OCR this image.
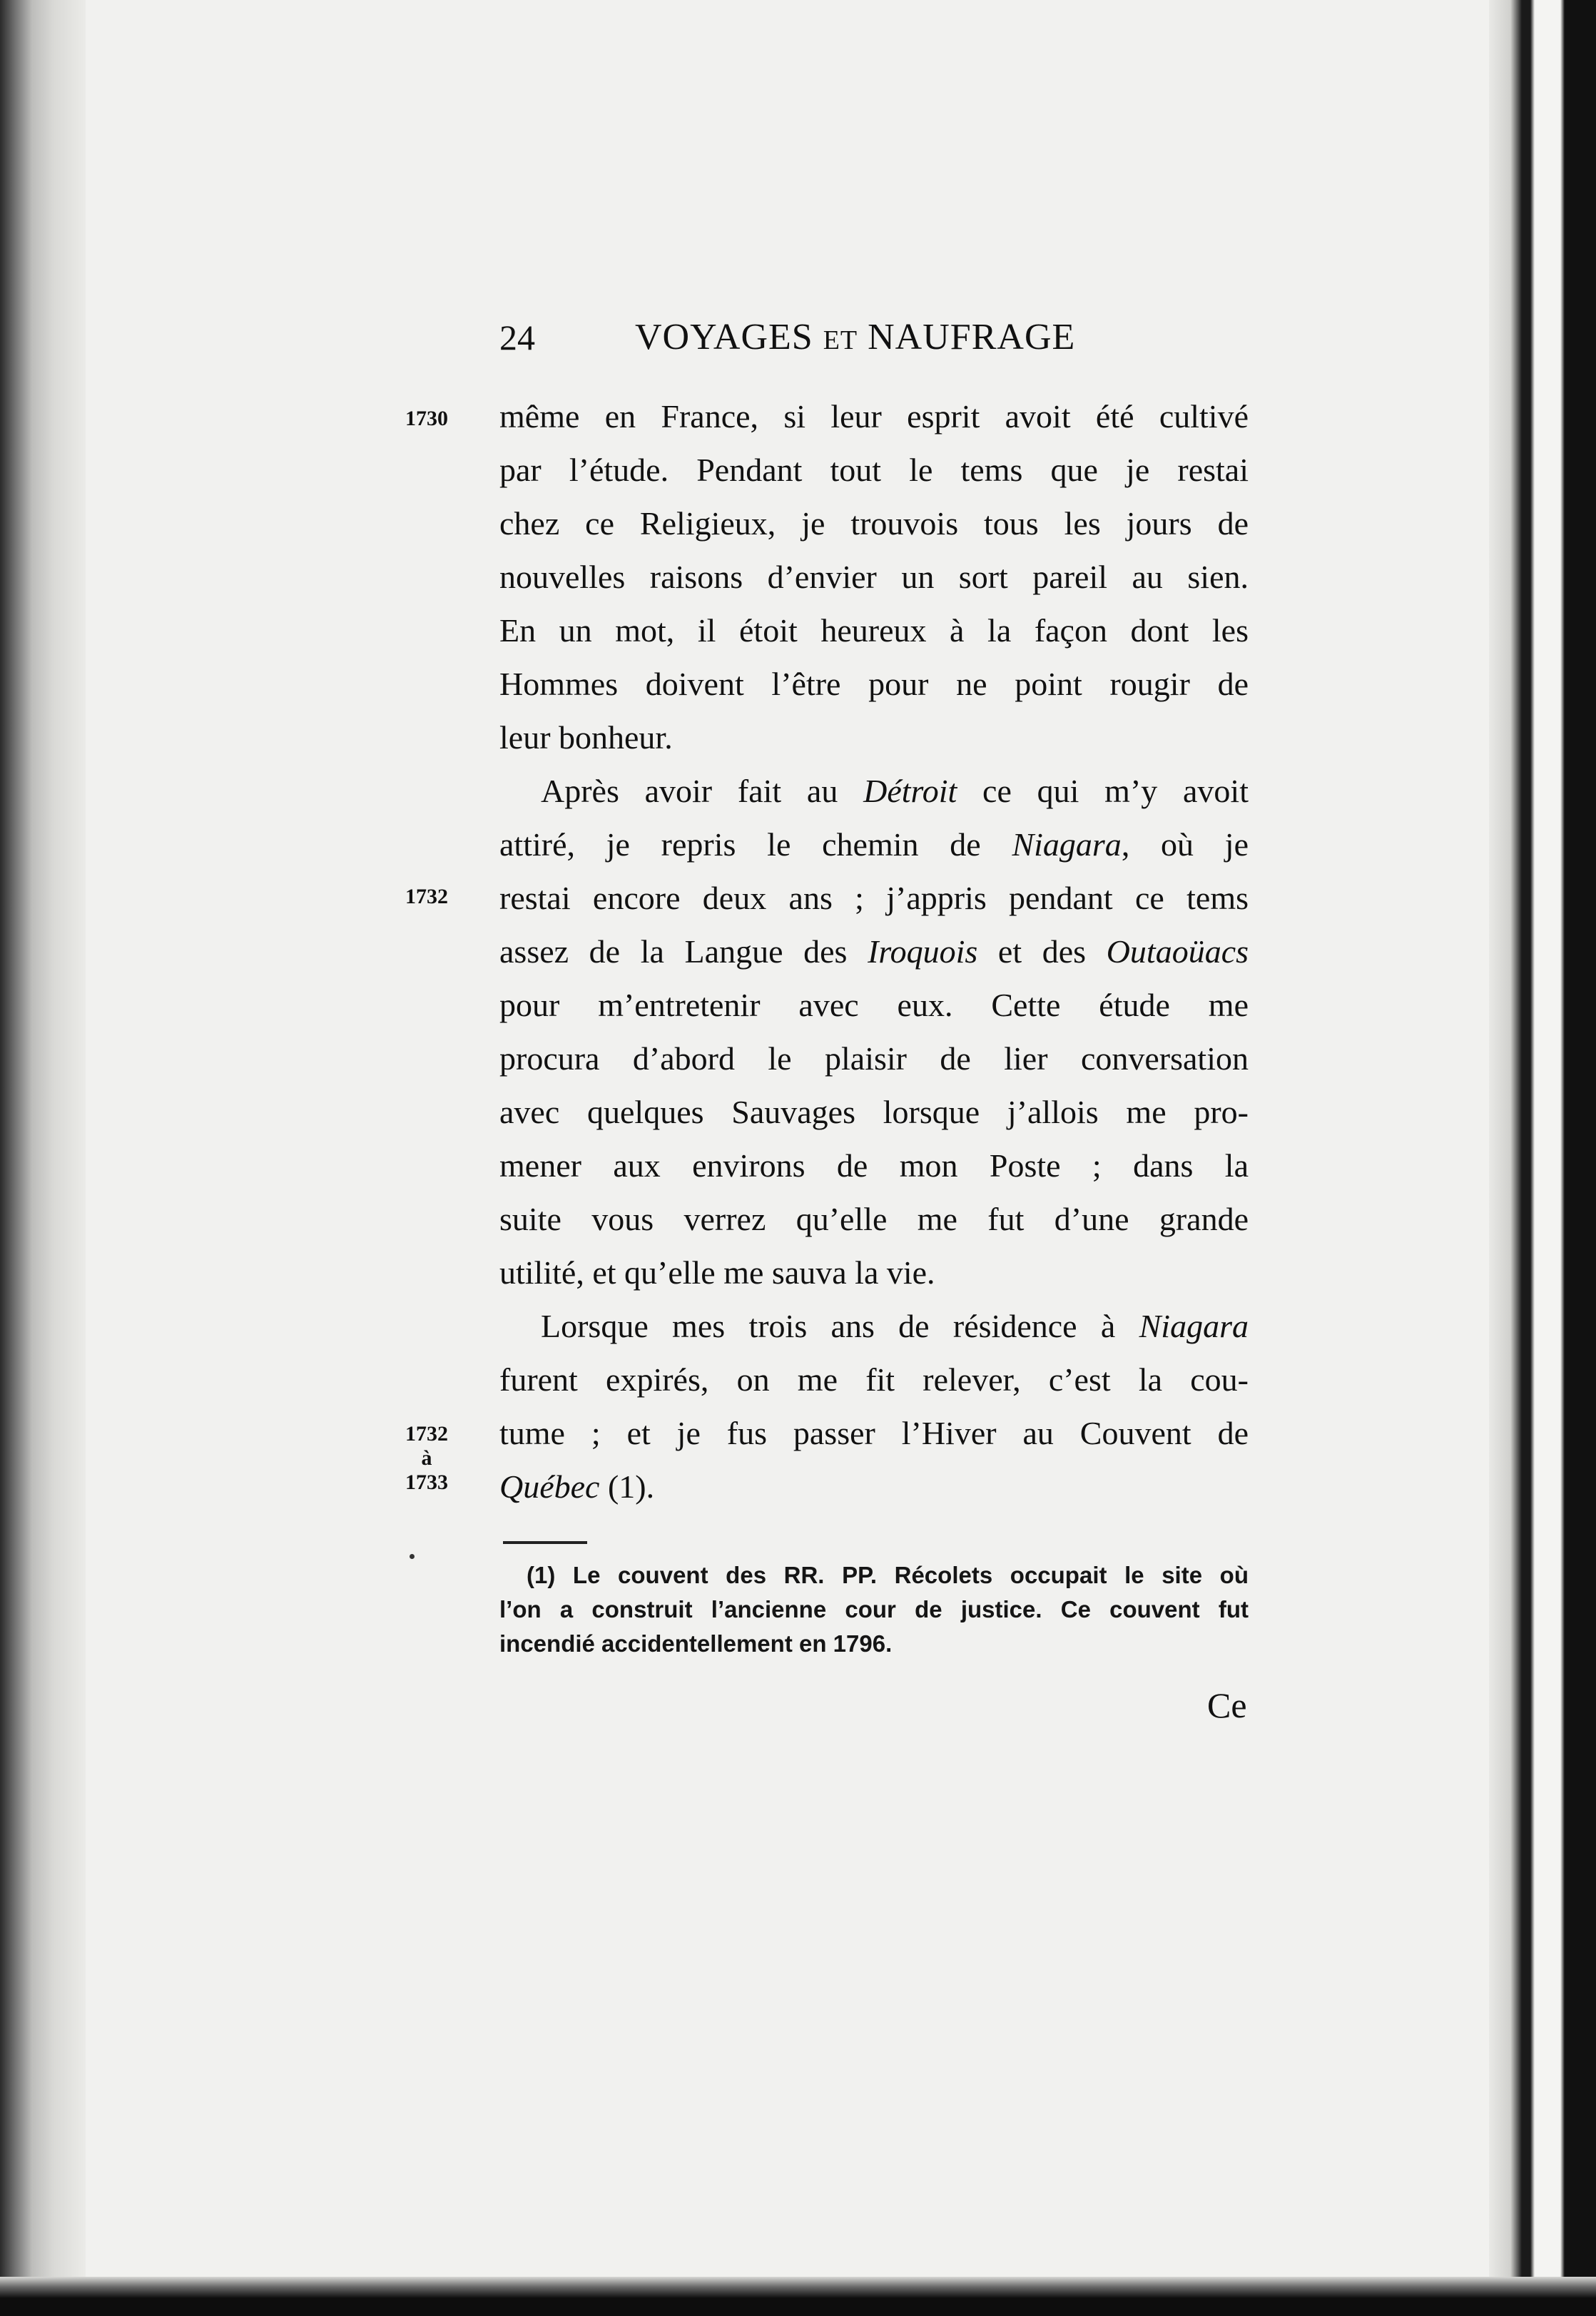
24	VOYAGES ET NAUFRAGE
1730
1732
1732
à
1733
même en France, si leur esprit avoit été cultivé
par l’étude. Pendant tout le tems que je restai
chez ce Religieux, je trouvois tous les jours de
nouvelles raisons d’envier un sort pareil au sien.
En un mot, il étoit heureux à la façon dont les
Hommes doivent l’être pour ne point rougir de
leur bonheur.
Après avoir fait au Détroit ce qui m’y avoit
attiré, je repris le chemin de Niagara, où je
restai encore deux ans ; j’appris pendant ce tems
assez de la Langue des Iroquois et des Outaoüacs
pour m’entretenir avec eux. Cette étude me
procura d’abord le plaisir de lier conversation
avec quelques Sauvages lorsque j’allois me pro-
mener aux environs de mon Poste ; dans la
suite vous verrez qu’elle me fut d’une grande
utilité, et qu’elle me sauva la vie.
Lorsque mes trois ans de résidence à Niagara
furent expirés, on me fit relever, c’est la cou-
tume ; et je fus passer l’Hiver au Couvent de
Québec (1).
(1) Le couvent des RR. PP. Récolets occupait le site où
l’on a construit l’ancienne cour de justice. Ce couvent fut
incendié accidentellement en 1796.
Ce
